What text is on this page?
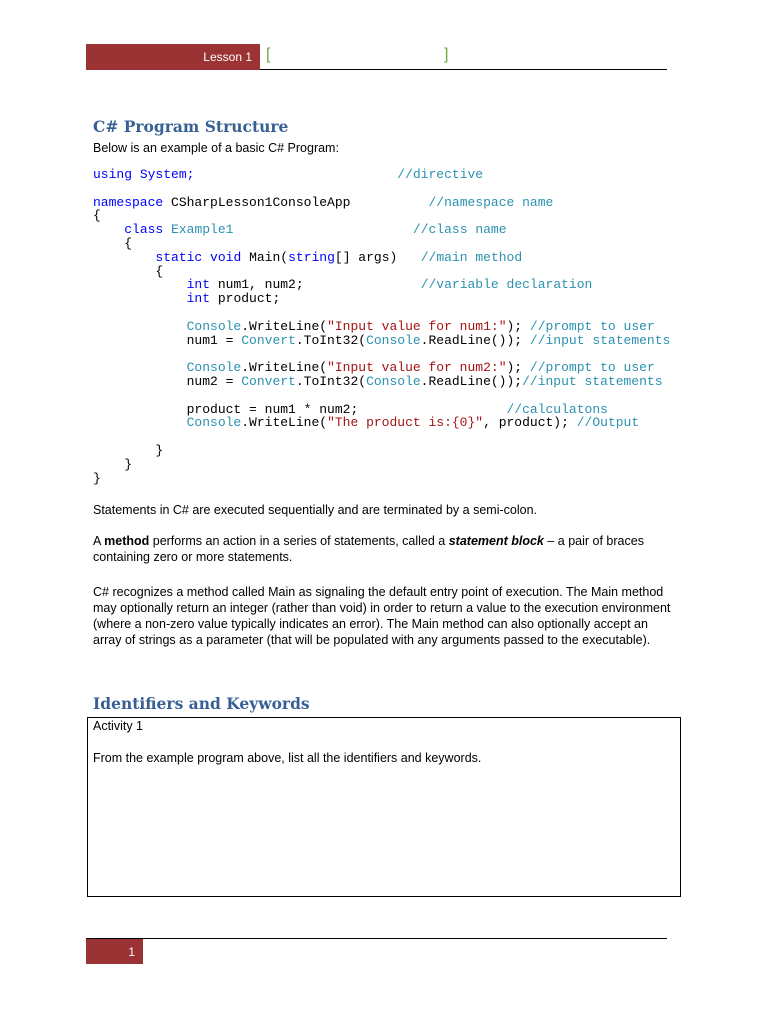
Lesson 1 [	]
C# Program Structure

Below is an example of a basic C# Program:

using System;	//directive

namespace CSharpLesson1ConsoleApp	//namespace name
{
class Example1	//class name
{
static void Main(string[] args) //main method
{
int num1, num2;	//variable declaration
int product;

Console.WriteLine("Input value for num1:"); //prompt to user
num1 = Convert.ToInt32(Console.ReadLine()); //input statements

Console.WriteLine("Input value for num2:"); //prompt to user
num2 = Convert.ToInt32(Console.ReadLine());//input statements

product = num1 * num2;	//calculatons
Console.WriteLine("The product is:{0}", product); //Output

}
}
}

Statements in C# are executed sequentially and are terminated by a semi-colon.

A method performs an action in a series of statements, called a statement block – a pair of braces containing zero or more statements.

C# recognizes a method called Main as signaling the default entry point of execution. The Main method may optionally return an integer (rather than void) in order to return a value to the execution environment (where a non-zero value typically indicates an error). The Main method can also optionally accept an array of strings as a parameter (that will be populated with any arguments passed to the executable).

Identifiers and Keywords
Activity 1
From the example program above, list all the identifiers and keywords.
1
